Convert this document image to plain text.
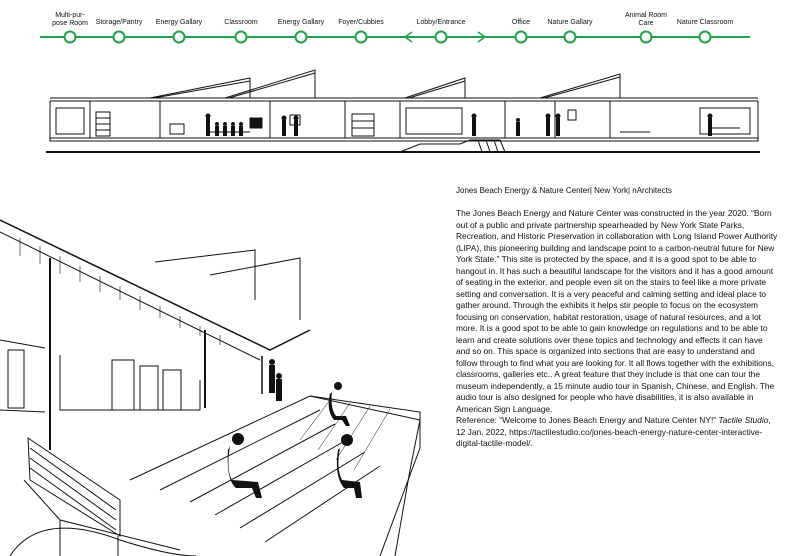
Multi-pur-
pose Room Storage/Pantry Energy Gallary	Classroom	Energy Gallary Foyer/Cubbies	Lobby/Entrance	Office Nature Gallary
Animal Room
Care	Nature Classroom

Jones Beach Energy & Nature Center| New York| nArchitects

The Jones Beach Energy and Nature Center was constructed in the year 2020. “Born out of a public and private partnership spearheaded by New York State Parks, Recreation, and Historic Preservation in collaboration with Long Island Power Authority (LIPA), this pioneering building and landscape point to a carbon-neutral future for New York State.” This site is protected by the space, and it is a good spot to be able to hangout in. It has such a beautiful landscape for the visitors and it has a good amount of seating in the exterior, and people even sit on the stairs to feel like a more private setting and conversation. It is a very peaceful and calming setting and ideal place to gather around. Through the exhibits it helps stir people to focus on the ecosystem focusing on conservation, habitat restoration, usage of natural resources, and a lot more. It is a good spot to be able to gain knowledge on regulations and to be able to learn and create solutions over these topics and technology and effects it can have and so on. This space is organized into sections that are easy to understand and follow through to find what you are looking for. It all flows together with the exhibitions, classrooms, galleries etc.. A great feature that they include is that one can tour the museum independently, a 15 minute audio tour in Spanish, Chinese, and English. The audio tour is also designed for people who have disabilities, it is also available in American Sign Language.

Reference: “Welcome to Jones Beach Energy and Nature Center NY!” Tactile Studio, 12 Jan. 2022, https://tactilestudio.co/jones-beach-energy-nature-center-interactive-digital-tactile-model/.
